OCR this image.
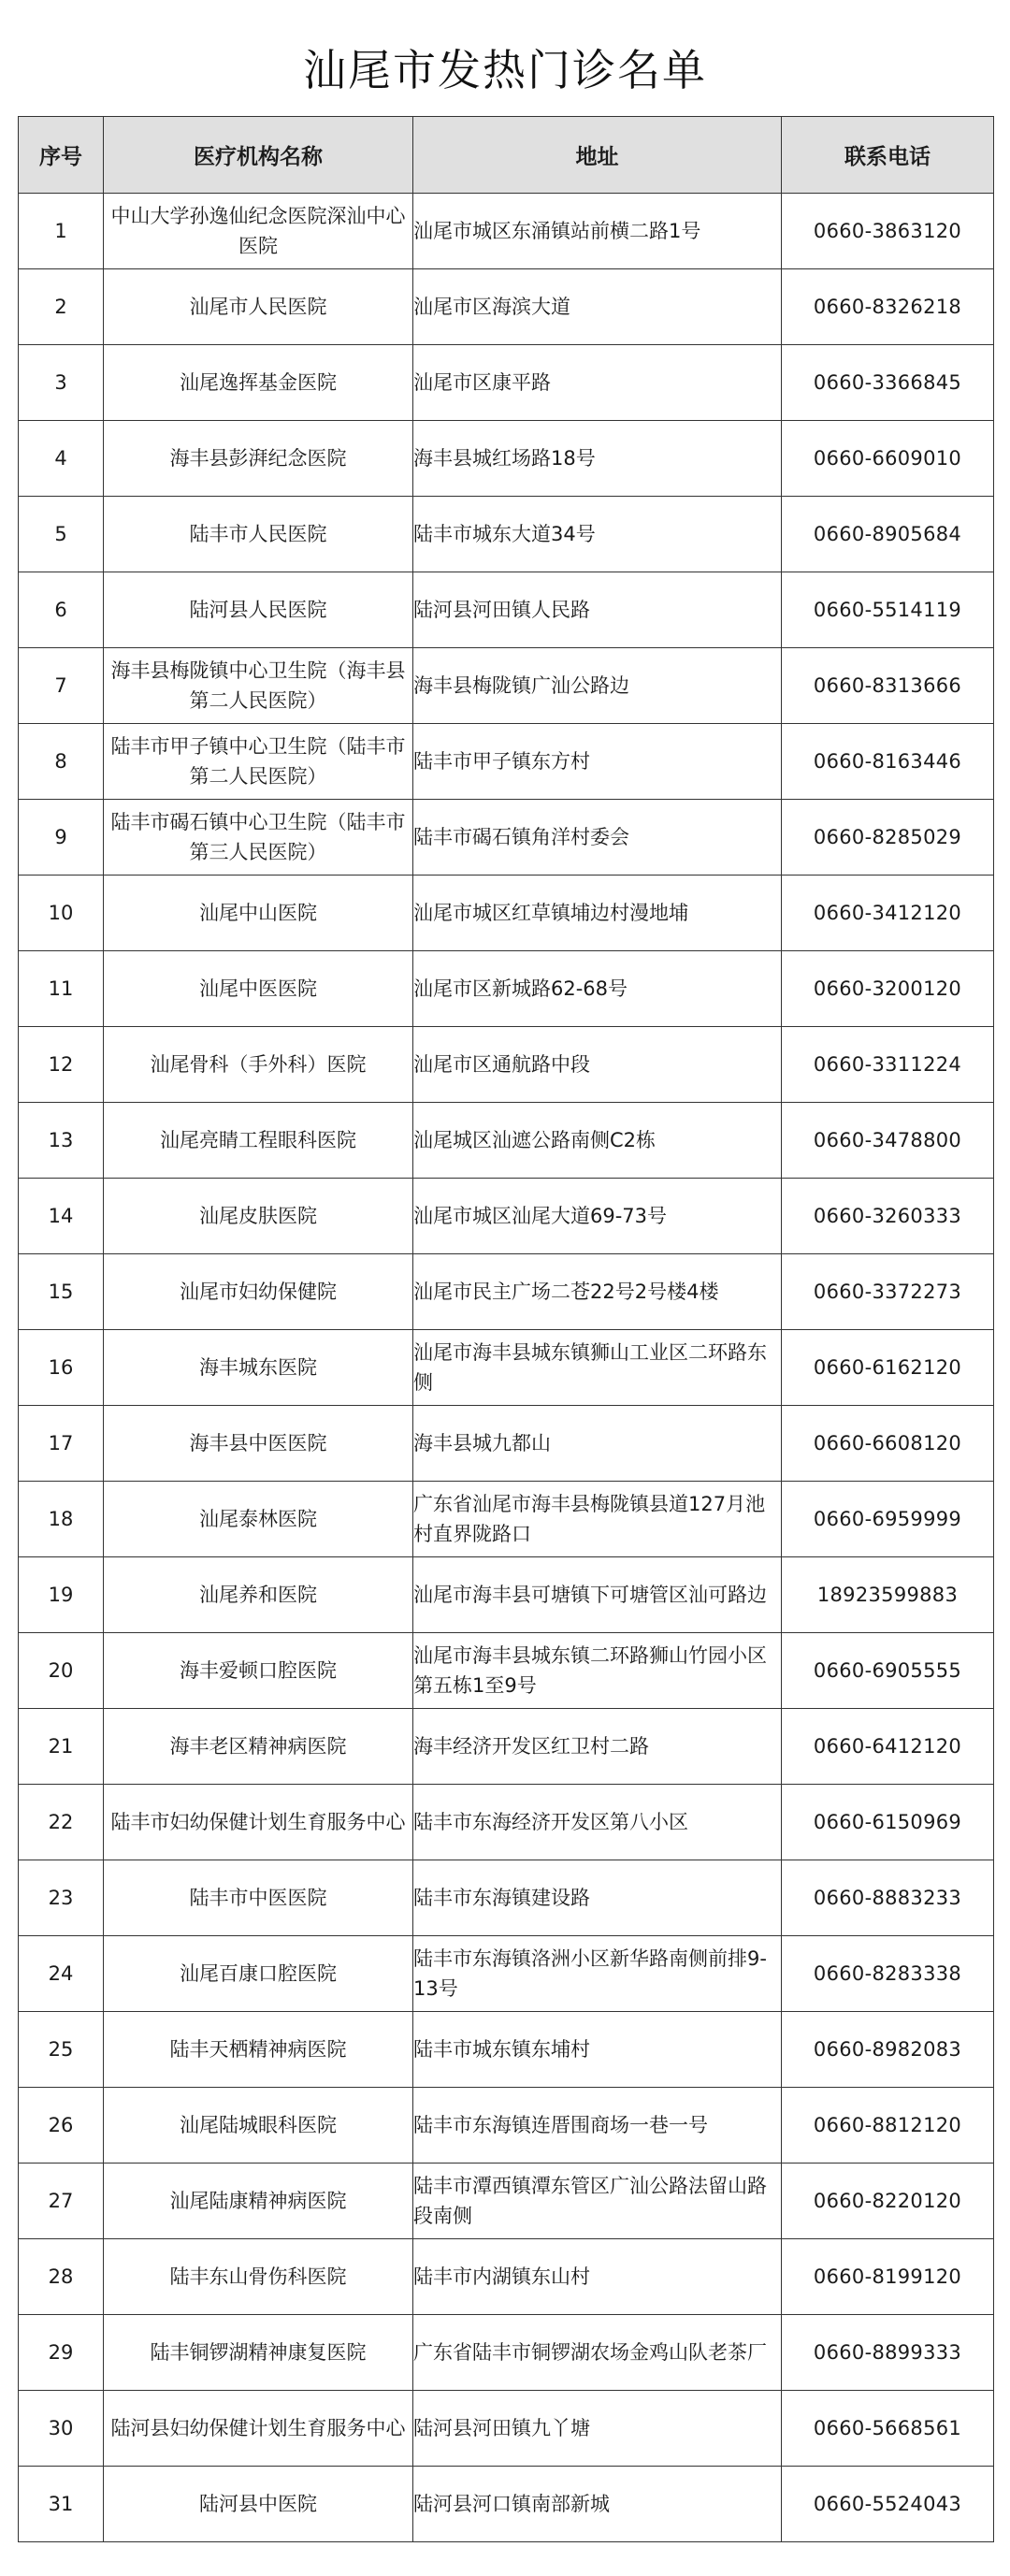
汕尾市发热门诊名单
序号	医疗机构名称	地址	联系电话
1	中山大学孙逸仙纪念医院深汕中心医院	汕尾市城区东涌镇站前横二路1号	0660-3863120
2	汕尾市人民医院	汕尾市区海滨大道	0660-8326218
3	汕尾逸挥基金医院	汕尾市区康平路	0660-3366845
4	海丰县彭湃纪念医院	海丰县城红场路18号	0660-6609010
5	陆丰市人民医院	陆丰市城东大道34号	0660-8905684
6	陆河县人民医院	陆河县河田镇人民路	0660-5514119
7	海丰县梅陇镇中心卫生院（海丰县第二人民医院）	海丰县梅陇镇广汕公路边	0660-8313666
8	陆丰市甲子镇中心卫生院（陆丰市第二人民医院）	陆丰市甲子镇东方村	0660-8163446
9	陆丰市碣石镇中心卫生院（陆丰市第三人民医院）	陆丰市碣石镇角洋村委会	0660-8285029
10	汕尾中山医院	汕尾市城区红草镇埔边村漫地埔	0660-3412120
11	汕尾中医医院	汕尾市区新城路62-68号	0660-3200120
12	汕尾骨科（手外科）医院	汕尾市区通航路中段	0660-3311224
13	汕尾亮睛工程眼科医院	汕尾城区汕遮公路南侧C2栋	0660-3478800
14	汕尾皮肤医院	汕尾市城区汕尾大道69-73号	0660-3260333
15	汕尾市妇幼保健院	汕尾市民主广场二苍22号2号楼4楼	0660-3372273
16	海丰城东医院	汕尾市海丰县城东镇狮山工业区二环路东侧	0660-6162120
17	海丰县中医医院	海丰县城九都山	0660-6608120
18	汕尾泰林医院	广东省汕尾市海丰县梅陇镇县道127月池村直界陇路口	0660-6959999
19	汕尾养和医院	汕尾市海丰县可塘镇下可塘管区汕可路边	18923599883
20	海丰爱顿口腔医院	汕尾市海丰县城东镇二环路狮山竹园小区第五栋1至9号	0660-6905555
21	海丰老区精神病医院	海丰经济开发区红卫村二路	0660-6412120
22	陆丰市妇幼保健计划生育服务中心	陆丰市东海经济开发区第八小区	0660-6150969
23	陆丰市中医医院	陆丰市东海镇建设路	0660-8883233
24	汕尾百康口腔医院	陆丰市东海镇洛洲小区新华路南侧前排9-13号	0660-8283338
25	陆丰天栖精神病医院	陆丰市城东镇东埔村	0660-8982083
26	汕尾陆城眼科医院	陆丰市东海镇连厝围商场一巷一号	0660-8812120
27	汕尾陆康精神病医院	陆丰市潭西镇潭东管区广汕公路法留山路段南侧	0660-8220120
28	陆丰东山骨伤科医院	陆丰市内湖镇东山村	0660-8199120
29	陆丰铜锣湖精神康复医院	广东省陆丰市铜锣湖农场金鸡山队老茶厂	0660-8899333
30	陆河县妇幼保健计划生育服务中心	陆河县河田镇九丫塘	0660-5668561
31	陆河县中医院	陆河县河口镇南部新城	0660-5524043
